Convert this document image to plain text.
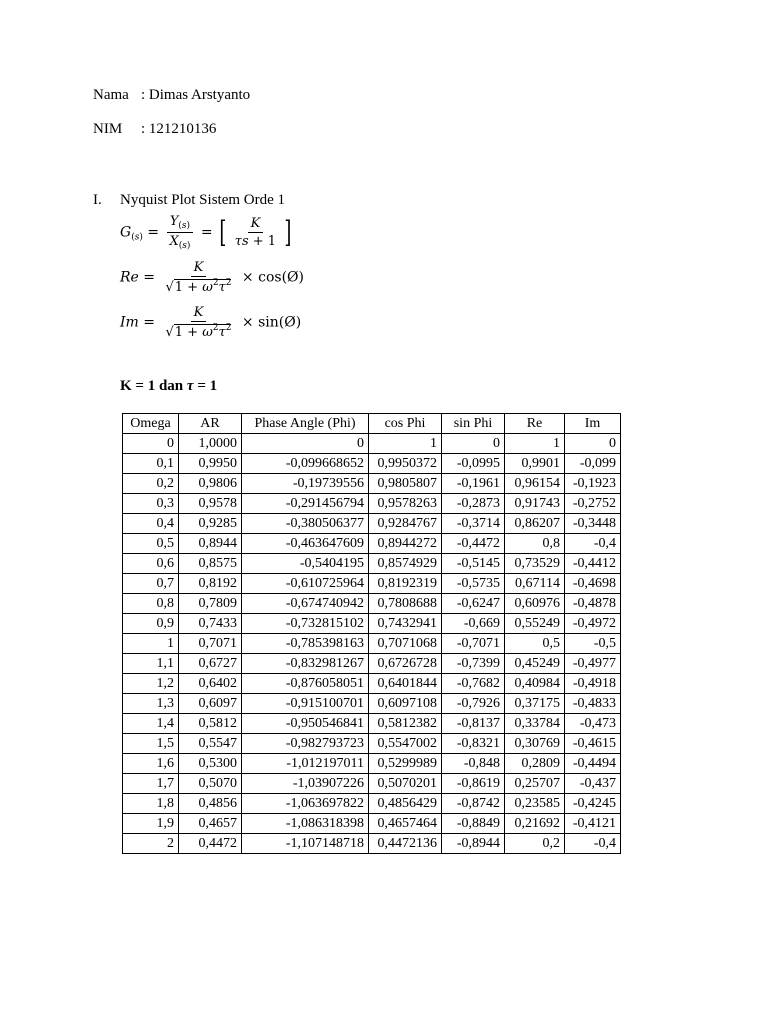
Nama : Dimas Arstyanto
NIM : 121210136
I. Nyquist Plot Sistem Orde 1
$G_{(s)} = \frac{Y_{(s)}}{X_{(s)}}$ = [ $\frac{K}{\tau s + 1}$ ]
$Re = \frac{K}{√1 + \omega^2\tau^2}$ × cos(Ø)
$Im = \frac{K}{√1 + \omega^2\tau^2}$ × sin(Ø)
K = 1 dan τ = 1
Omega	AR	Phase Angle (Phi)	cos Phi	sin Phi	Re	Im
0	1,0000	0	1	0	1	0
0,1	0,9950	-0,099668652	0,9950372	-0,0995	0,9901	-0,099
0,2	0,9806	-0,19739556	0,9805807	-0,1961	0,96154	-0,1923
0,3	0,9578	-0,291456794	0,9578263	-0,2873	0,91743	-0,2752
0,4	0,9285	-0,380506377	0,9284767	-0,3714	0,86207	-0,3448
0,5	0,8944	-0,463647609	0,8944272	-0,4472	0,8	-0,4
0,6	0,8575	-0,5404195	0,8574929	-0,5145	0,73529	-0,4412
0,7	0,8192	-0,610725964	0,8192319	-0,5735	0,67114	-0,4698
0,8	0,7809	-0,674740942	0,7808688	-0,6247	0,60976	-0,4878
0,9	0,7433	-0,732815102	0,7432941	-0,669	0,55249	-0,4972
1	0,7071	-0,785398163	0,7071068	-0,7071	0,5	-0,5
1,1	0,6727	-0,832981267	0,6726728	-0,7399	0,45249	-0,4977
1,2	0,6402	-0,876058051	0,6401844	-0,7682	0,40984	-0,4918
1,3	0,6097	-0,915100701	0,6097108	-0,7926	0,37175	-0,4833
1,4	0,5812	-0,950546841	0,5812382	-0,8137	0,33784	-0,473
1,5	0,5547	-0,982793723	0,5547002	-0,8321	0,30769	-0,4615
1,6	0,5300	-1,012197011	0,5299989	-0,848	0,2809	-0,4494
1,7	0,5070	-1,03907226	0,5070201	-0,8619	0,25707	-0,437
1,8	0,4856	-1,063697822	0,4856429	-0,8742	0,23585	-0,4245
1,9	0,4657	-1,086318398	0,4657464	-0,8849	0,21692	-0,4121
2	0,4472	-1,107148718	0,4472136	-0,8944	0,2	-0,4
